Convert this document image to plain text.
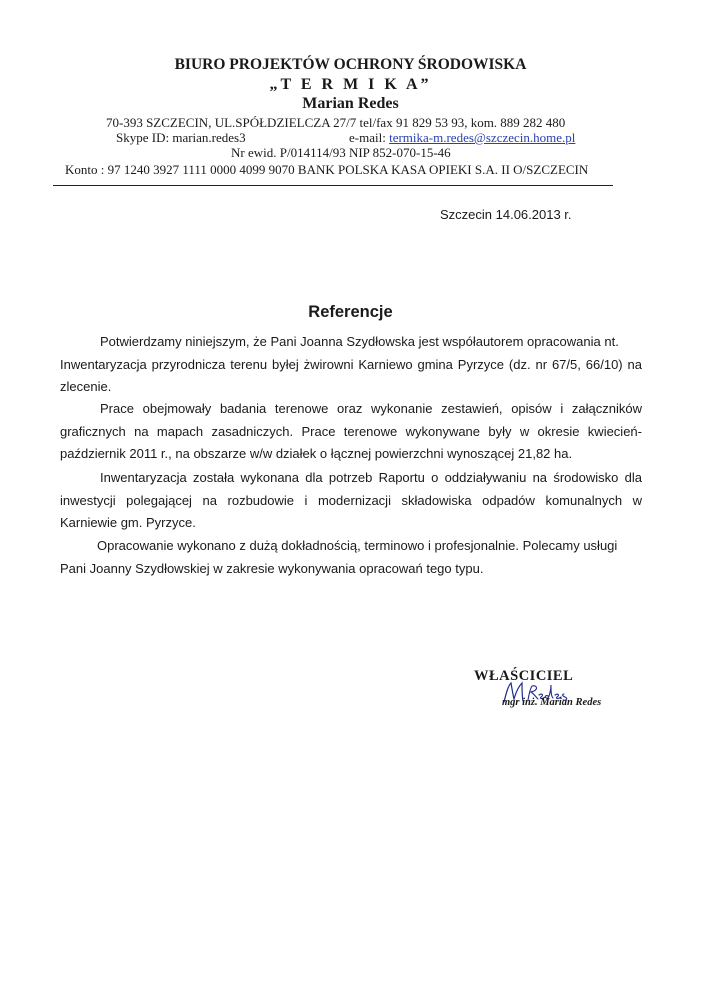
BIURO PROJEKTÓW OCHRONY ŚRODOWISKA
„T E R M I K A”
Marian Redes
70-393 SZCZECIN, UL.SPÓŁDZIELCZA 27/7 tel/fax 91 829 53 93, kom. 889 282 480
Skype ID: marian.redes3	e-mail: termika-m.redes@szczecin.home.pl
Nr ewid. P/014114/93 NIP 852-070-15-46
Konto : 97 1240 3927 1111 0000 4099 9070 BANK POLSKA KASA OPIEKI S.A. II O/SZCZECIN
Szczecin 14.06.2013 r.
Referencje
Potwierdzamy niniejszym, że Pani Joanna Szydłowska jest współautorem opracowania nt.
Inwentaryzacja przyrodnicza terenu byłej żwirowni Karniewo gmina Pyrzyce (dz. nr 67/5, 66/10) na
zlecenie.
Prace obejmowały badania terenowe oraz wykonanie zestawień, opisów i załączników
graficznych na mapach zasadniczych. Prace terenowe wykonywane były w okresie kwiecień-
październik 2011 r., na obszarze w/w działek o łącznej powierzchni wynoszącej 21,82 ha.
Inwentaryzacja została wykonana dla potrzeb Raportu o oddziaływaniu na środowisko dla
inwestycji polegającej na rozbudowie i modernizacji składowiska odpadów komunalnych w
Karniewie gm. Pyrzyce.
Opracowanie wykonano z dużą dokładnością, terminowo i profesjonalnie. Polecamy usługi
Pani Joanny Szydłowskiej w zakresie wykonywania opracowań tego typu.
WŁAŚCICIEL
mgr inż. Marian Redes
